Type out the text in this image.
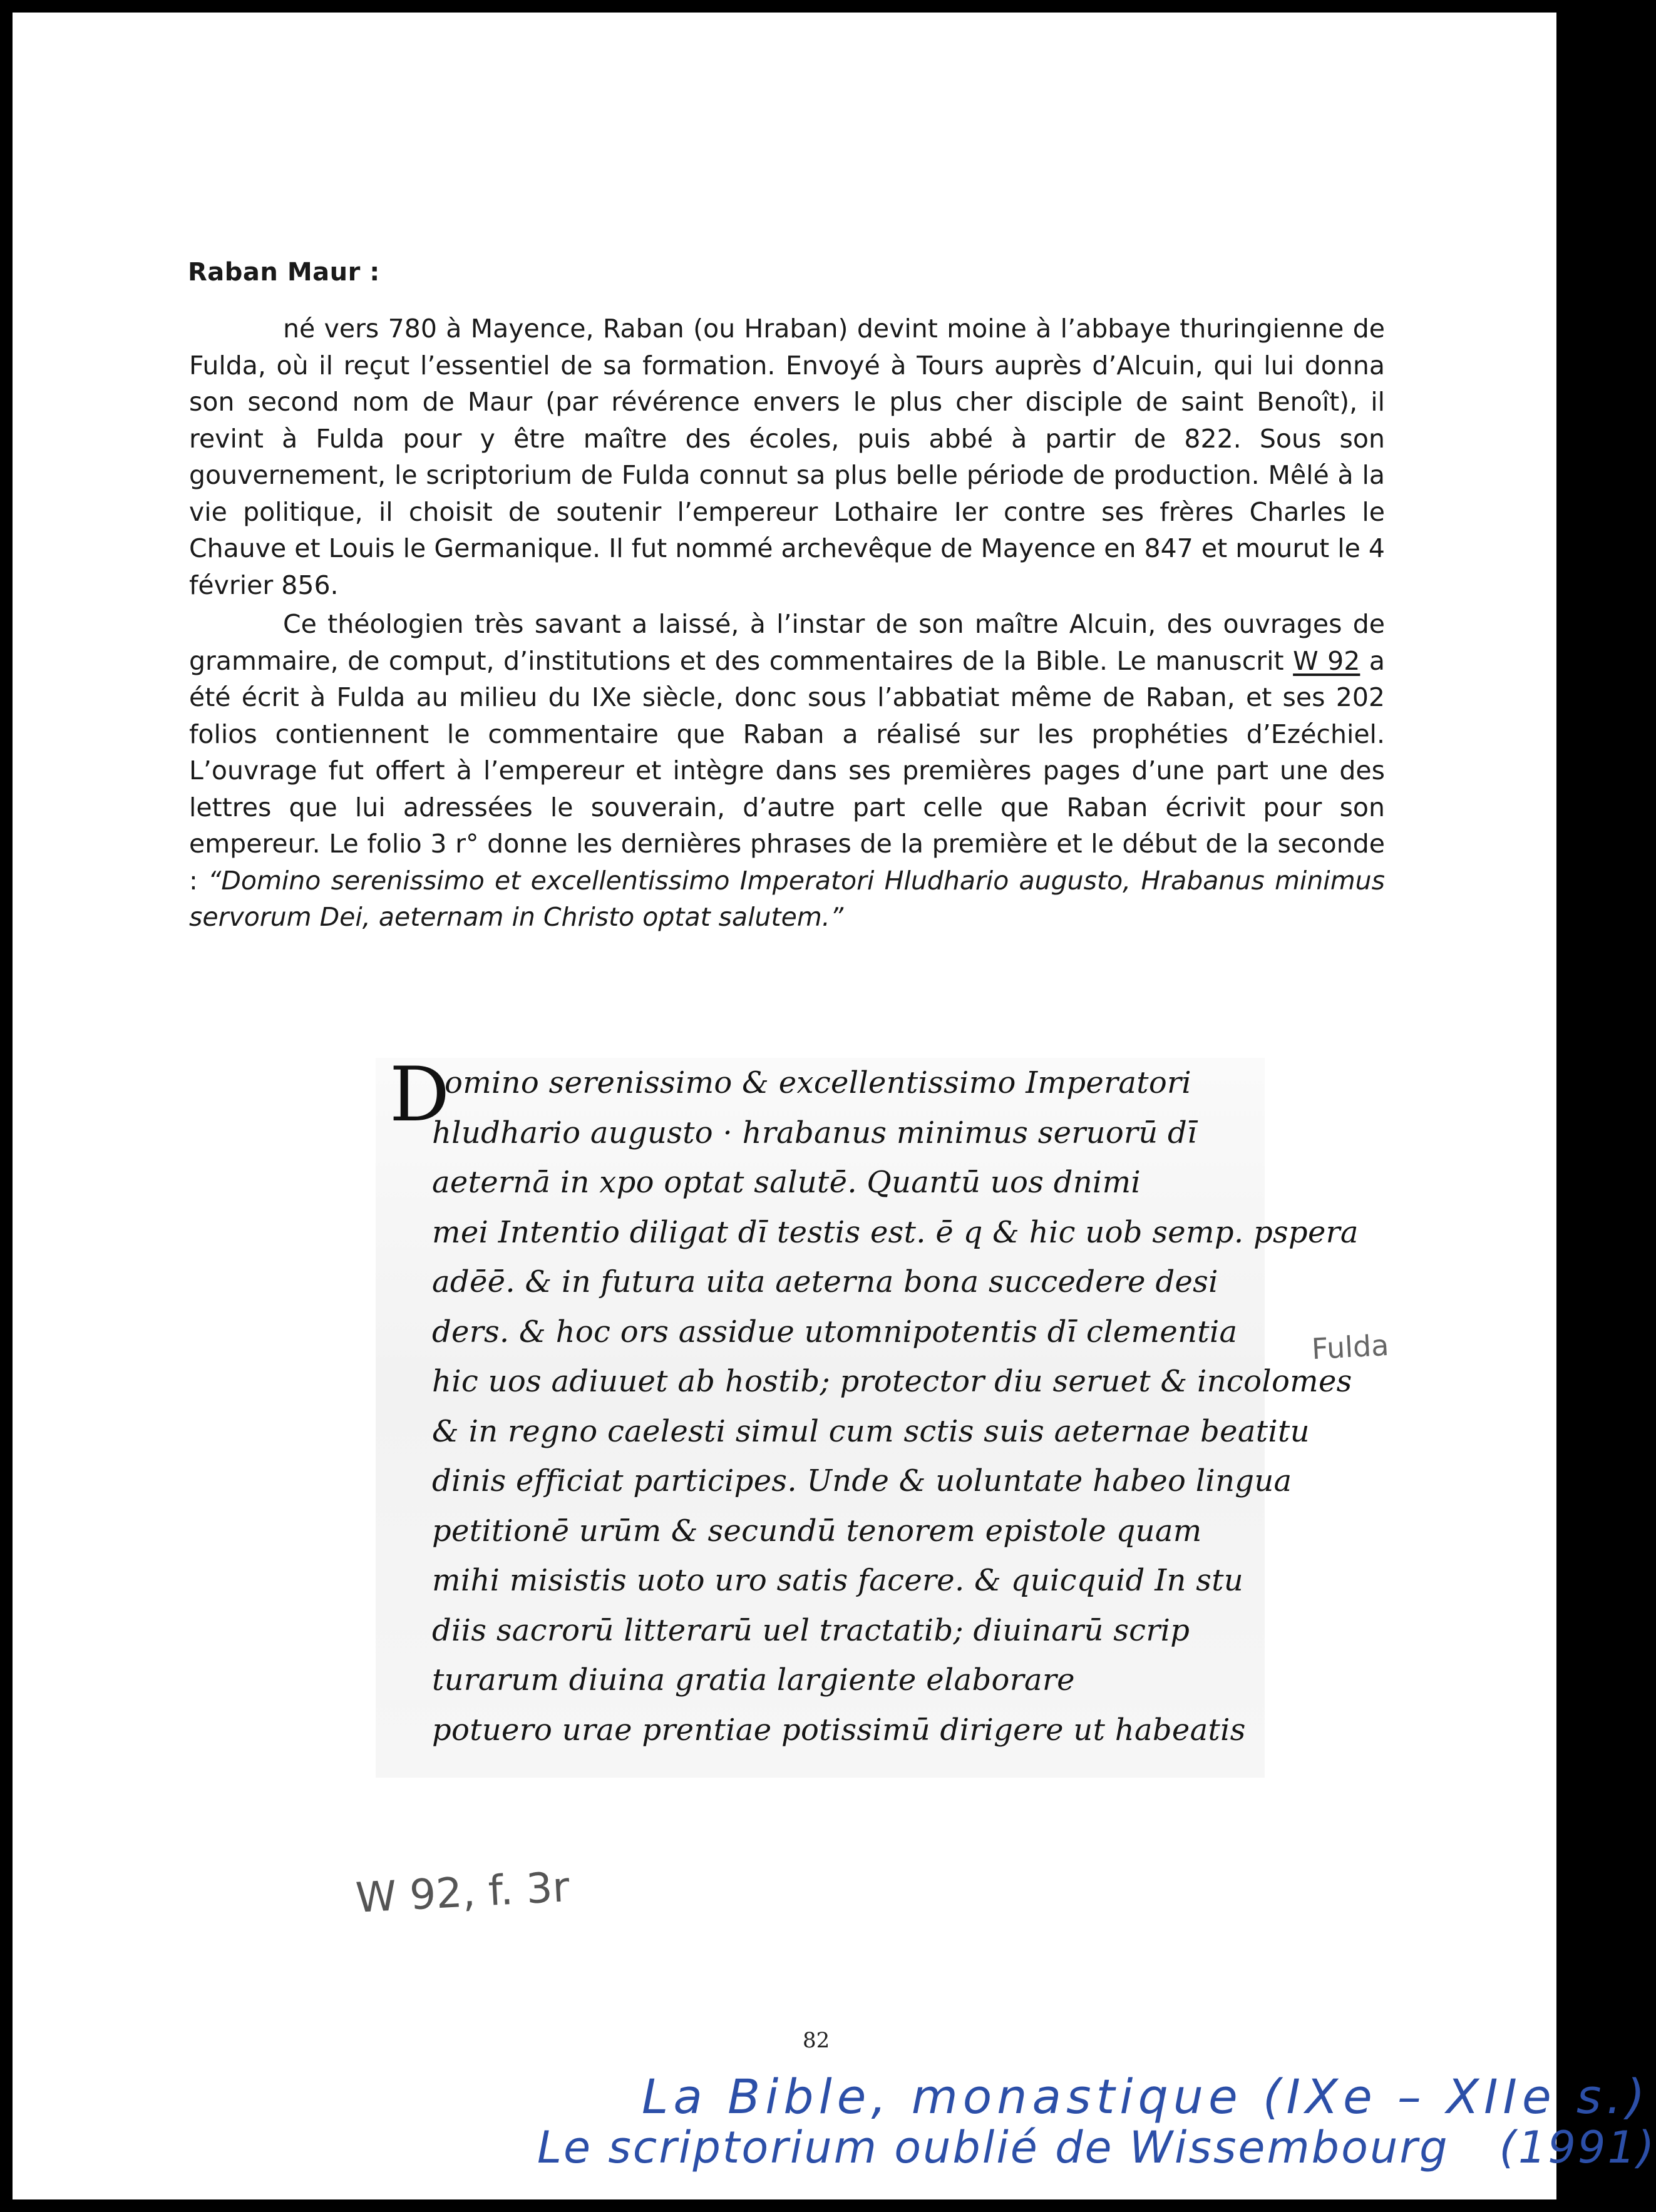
Raban Maur :

né vers 780 à Mayence, Raban (ou Hraban) devint moine à l’abbaye thuringienne de Fulda, où il reçut l’essentiel de sa formation. Envoyé à Tours auprès d’Alcuin, qui lui donna son second nom de Maur (par révérence envers le plus cher disciple de saint Benoît), il revint à Fulda pour y être maître des écoles, puis abbé à partir de 822. Sous son gouvernement, le scriptorium de Fulda connut sa plus belle période de production. Mêlé à la vie politique, il choisit de soutenir l’empereur Lothaire Ier contre ses frères Charles le Chauve et Louis le Germanique. Il fut nommé archevêque de Mayence en 847 et mourut le 4 février 856.

Ce théologien très savant a laissé, à l’instar de son maître Alcuin, des ouvrages de grammaire, de comput, d’institutions et des commentaires de la Bible. Le manuscrit W 92 a été écrit à Fulda au milieu du IXe siècle, donc sous l’abbatiat même de Raban, et ses 202 folios contiennent le commentaire que Raban a réalisé sur les prophéties d’Ezéchiel. L’ouvrage fut offert à l’empereur et intègre dans ses premières pages d’une part une des lettres que lui adressées le souverain, d’autre part celle que Raban écrivit pour son empereur. Le folio 3 r° donne les dernières phrases de la première et le début de la seconde : “Domino serenissimo et excellentissimo Imperatori Hludhario augusto, Hrabanus minimus servorum Dei, aeternam in Christo optat salutem.”

D
omino serenissimo & excellentissimo Imperatori
hludhario augusto · hrabanus minimus seruorū dī
aeternā in xpo optat salutē. Quantū uos dnimi
mei Intentio diligat dī testis est. ē q & hic uob semp. pspera
adēē. & in futura uita aeterna bona succedere desi
ders. & hoc ors assidue utomnipotentis dī clementia
hic uos adiuuet ab hostib; protector diu seruet & incolomes
& in regno caelesti simul cum sctis suis aeternae beatitu
dinis efficiat participes. Unde & uoluntate habeo lingua
petitionē urūm & secundū tenorem epistole quam
mihi misistis uoto uro satis facere. & quicquid In stu
diis sacrorū litterarū uel tractatib; diuinarū scrip
turarum diuina gratia largiente elaborare
potuero urae prentiae potissimū dirigere ut habeatis
Fulda
W 92, f. 3r
82
La Bible, monastique (IXe – XIIe s.)
Le scriptorium oublié de Wissembourg (1991)
